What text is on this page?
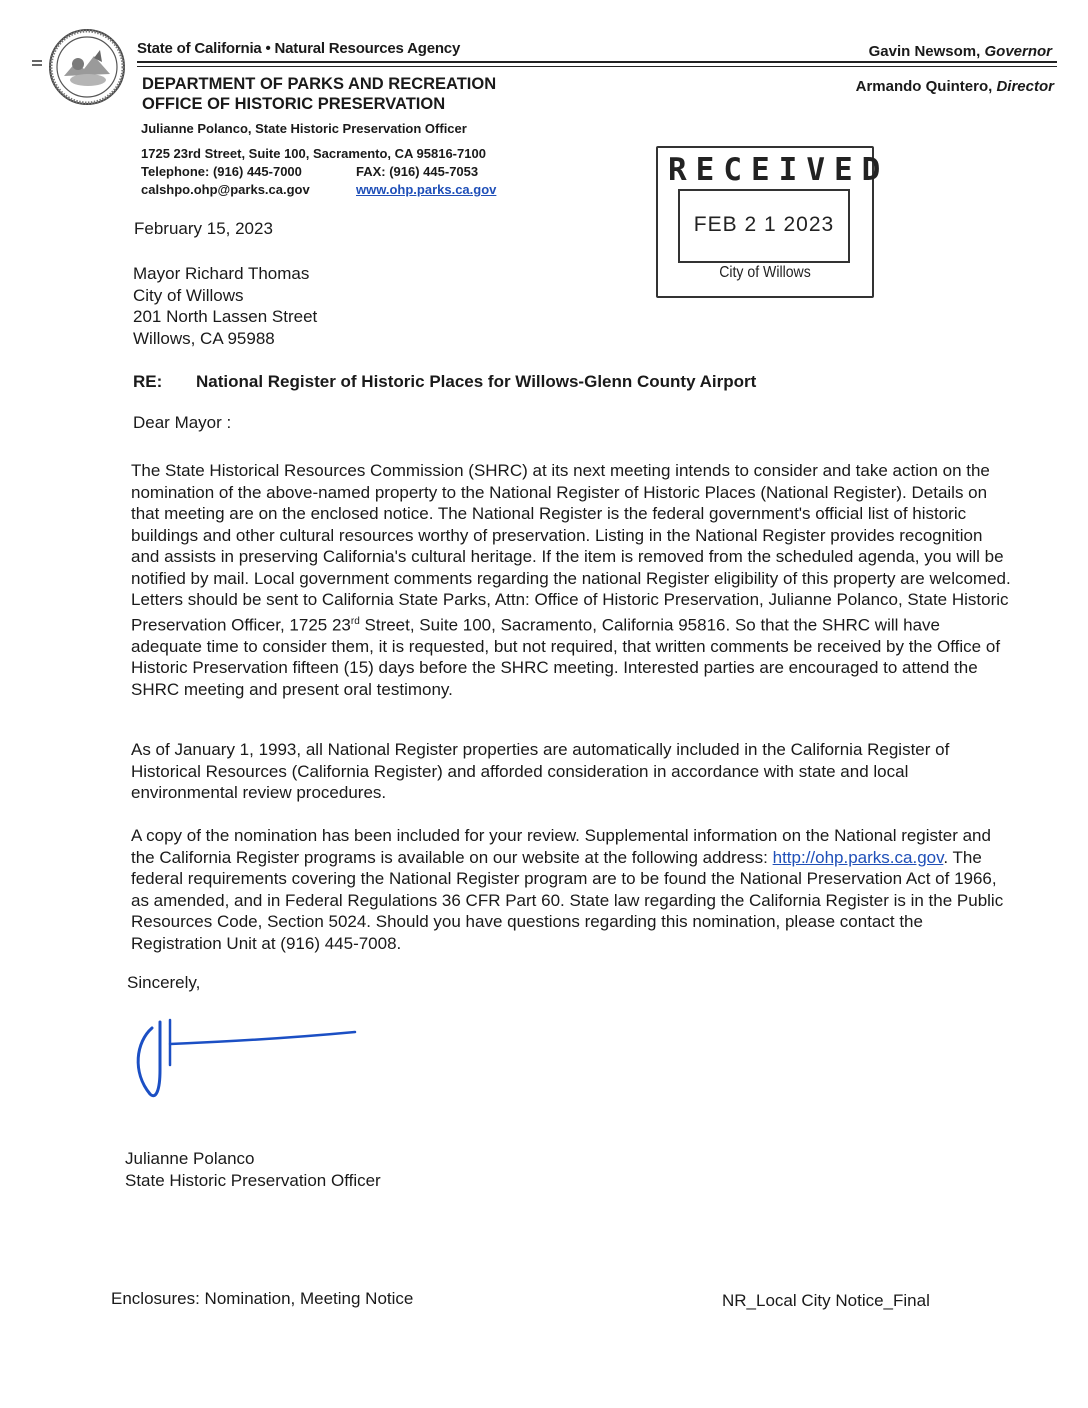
State of California • Natural Resources Agency	Gavin Newsom, Governor
Armando Quintero, Director
DEPARTMENT OF PARKS AND RECREATION
OFFICE OF HISTORIC PRESERVATION
Julianne Polanco, State Historic Preservation Officer
1725 23rd Street, Suite 100, Sacramento, CA 95816-7100
Telephone: (916) 445-7000	FAX: (916) 445-7053
calshpo.ohp@parks.ca.gov	www.ohp.parks.ca.gov
RECEIVED
FEB 2 1 2023
City of Willows
February 15, 2023
Mayor Richard Thomas
City of Willows
201 North Lassen Street
Willows, CA 95988
RE:	National Register of Historic Places for Willows-Glenn County Airport
Dear Mayor :
The State Historical Resources Commission (SHRC) at its next meeting intends to consider and take action on the nomination of the above-named property to the National Register of Historic Places (National Register). Details on that meeting are on the enclosed notice. The National Register is the federal government's official list of historic buildings and other cultural resources worthy of preservation. Listing in the National Register provides recognition and assists in preserving California's cultural heritage. If the item is removed from the scheduled agenda, you will be notified by mail. Local government comments regarding the national Register eligibility of this property are welcomed. Letters should be sent to California State Parks, Attn: Office of Historic Preservation, Julianne Polanco, State Historic Preservation Officer, 1725 23rd Street, Suite 100, Sacramento, California 95816. So that the SHRC will have adequate time to consider them, it is requested, but not required, that written comments be received by the Office of Historic Preservation fifteen (15) days before the SHRC meeting. Interested parties are encouraged to attend the SHRC meeting and present oral testimony.
As of January 1, 1993, all National Register properties are automatically included in the California Register of Historical Resources (California Register) and afforded consideration in accordance with state and local environmental review procedures.
A copy of the nomination has been included for your review. Supplemental information on the National register and the California Register programs is available on our website at the following address: http://ohp.parks.ca.gov. The federal requirements covering the National Register program are to be found the National Preservation Act of 1966, as amended, and in Federal Regulations 36 CFR Part 60. State law regarding the California Register is in the Public Resources Code, Section 5024. Should you have questions regarding this nomination, please contact the Registration Unit at (916) 445-7008.
Sincerely,
Julianne Polanco
State Historic Preservation Officer
Enclosures: Nomination, Meeting Notice	NR_Local City Notice_Final
